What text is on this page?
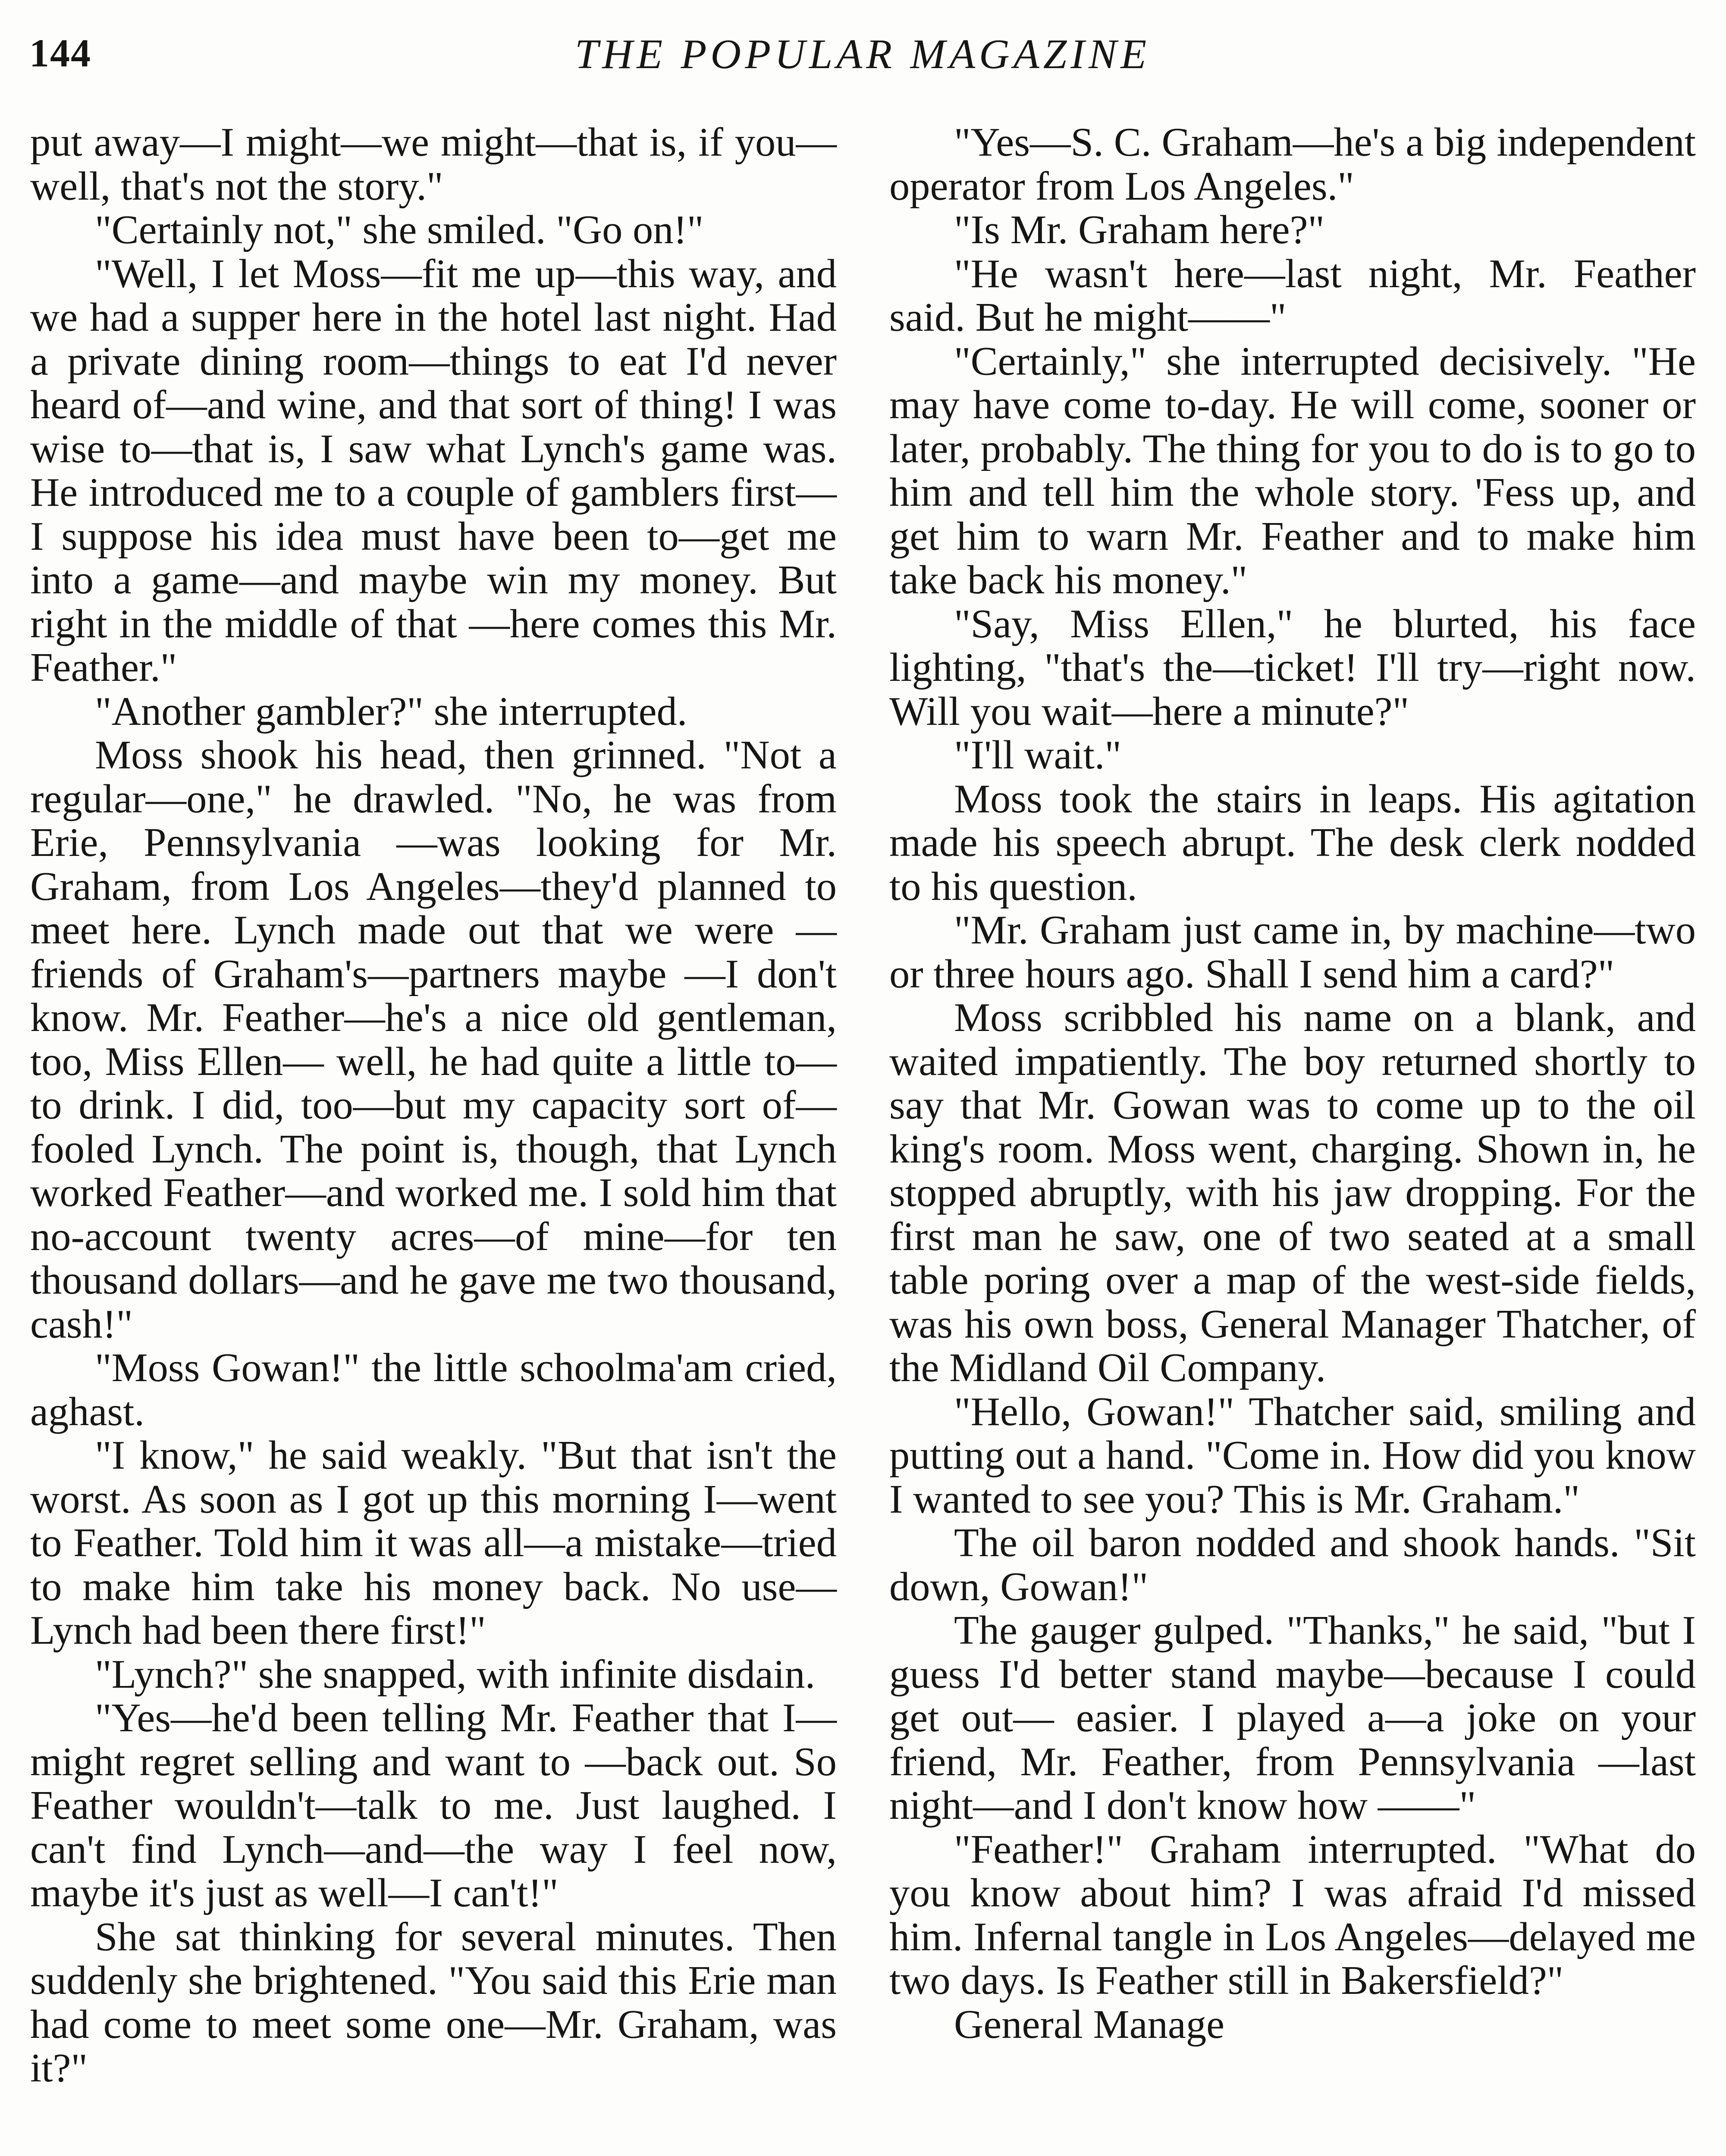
144	THE POPULAR MAGAZINE

put away—I might—we might—that is, if you—well, that's not the story."

"Certainly not," she smiled. "Go on!"

"Well, I let Moss—fit me up—this way, and we had a supper here in the hotel last night. Had a private dining room—things to eat I'd never heard of—and wine, and that sort of thing! I was wise to—that is, I saw what Lynch's game was. He introduced me to a couple of gamblers first—I suppose his idea must have been to—get me into a game—and maybe win my money. But right in the middle of that —here comes this Mr. Feather."

"Another gambler?" she interrupted.

Moss shook his head, then grinned. "Not a regular—one," he drawled. "No, he was from Erie, Pennsylvania —was looking for Mr. Graham, from Los Angeles—they'd planned to meet here. Lynch made out that we were —friends of Graham's—partners maybe —I don't know. Mr. Feather—he's a nice old gentleman, too, Miss Ellen— well, he had quite a little to—to drink. I did, too—but my capacity sort of— fooled Lynch. The point is, though, that Lynch worked Feather—and worked me. I sold him that no-account twenty acres—of mine—for ten thousand dollars—and he gave me two thousand, cash!"

"Moss Gowan!" the little schoolma'am cried, aghast.

"I know," he said weakly. "But that isn't the worst. As soon as I got up this morning I—went to Feather. Told him it was all—a mistake—tried to make him take his money back. No use—Lynch had been there first!"

"Lynch?" she snapped, with infinite disdain.

"Yes—he'd been telling Mr. Feather that I—might regret selling and want to —back out. So Feather wouldn't—talk to me. Just laughed. I can't find Lynch—and—the way I feel now, maybe it's just as well—I can't!"

She sat thinking for several minutes. Then suddenly she brightened. "You said this Erie man had come to meet some one—Mr. Graham, was it?"

"Yes—S. C. Graham—he's a big independent operator from Los Angeles."

"Is Mr. Graham here?"

"He wasn't here—last night, Mr. Feather said. But he might——"

"Certainly," she interrupted decisively. "He may have come to-day. He will come, sooner or later, probably. The thing for you to do is to go to him and tell him the whole story. 'Fess up, and get him to warn Mr. Feather and to make him take back his money."

"Say, Miss Ellen," he blurted, his face lighting, "that's the—ticket! I'll try—right now. Will you wait—here a minute?"

"I'll wait."

Moss took the stairs in leaps. His agitation made his speech abrupt. The desk clerk nodded to his question.

"Mr. Graham just came in, by machine—two or three hours ago. Shall I send him a card?"

Moss scribbled his name on a blank, and waited impatiently. The boy returned shortly to say that Mr. Gowan was to come up to the oil king's room. Moss went, charging. Shown in, he stopped abruptly, with his jaw dropping. For the first man he saw, one of two seated at a small table poring over a map of the west-side fields, was his own boss, General Manager Thatcher, of the Midland Oil Company.

"Hello, Gowan!" Thatcher said, smiling and putting out a hand. "Come in. How did you know I wanted to see you? This is Mr. Graham."

The oil baron nodded and shook hands. "Sit down, Gowan!"

The gauger gulped. "Thanks," he said, "but I guess I'd better stand maybe—because I could get out— easier. I played a—a joke on your friend, Mr. Feather, from Pennsylvania —last night—and I don't know how ——"

"Feather!" Graham interrupted. "What do you know about him? I was afraid I'd missed him. Infernal tangle in Los Angeles—delayed me two days. Is Feather still in Bakersfield?"

General Manage
